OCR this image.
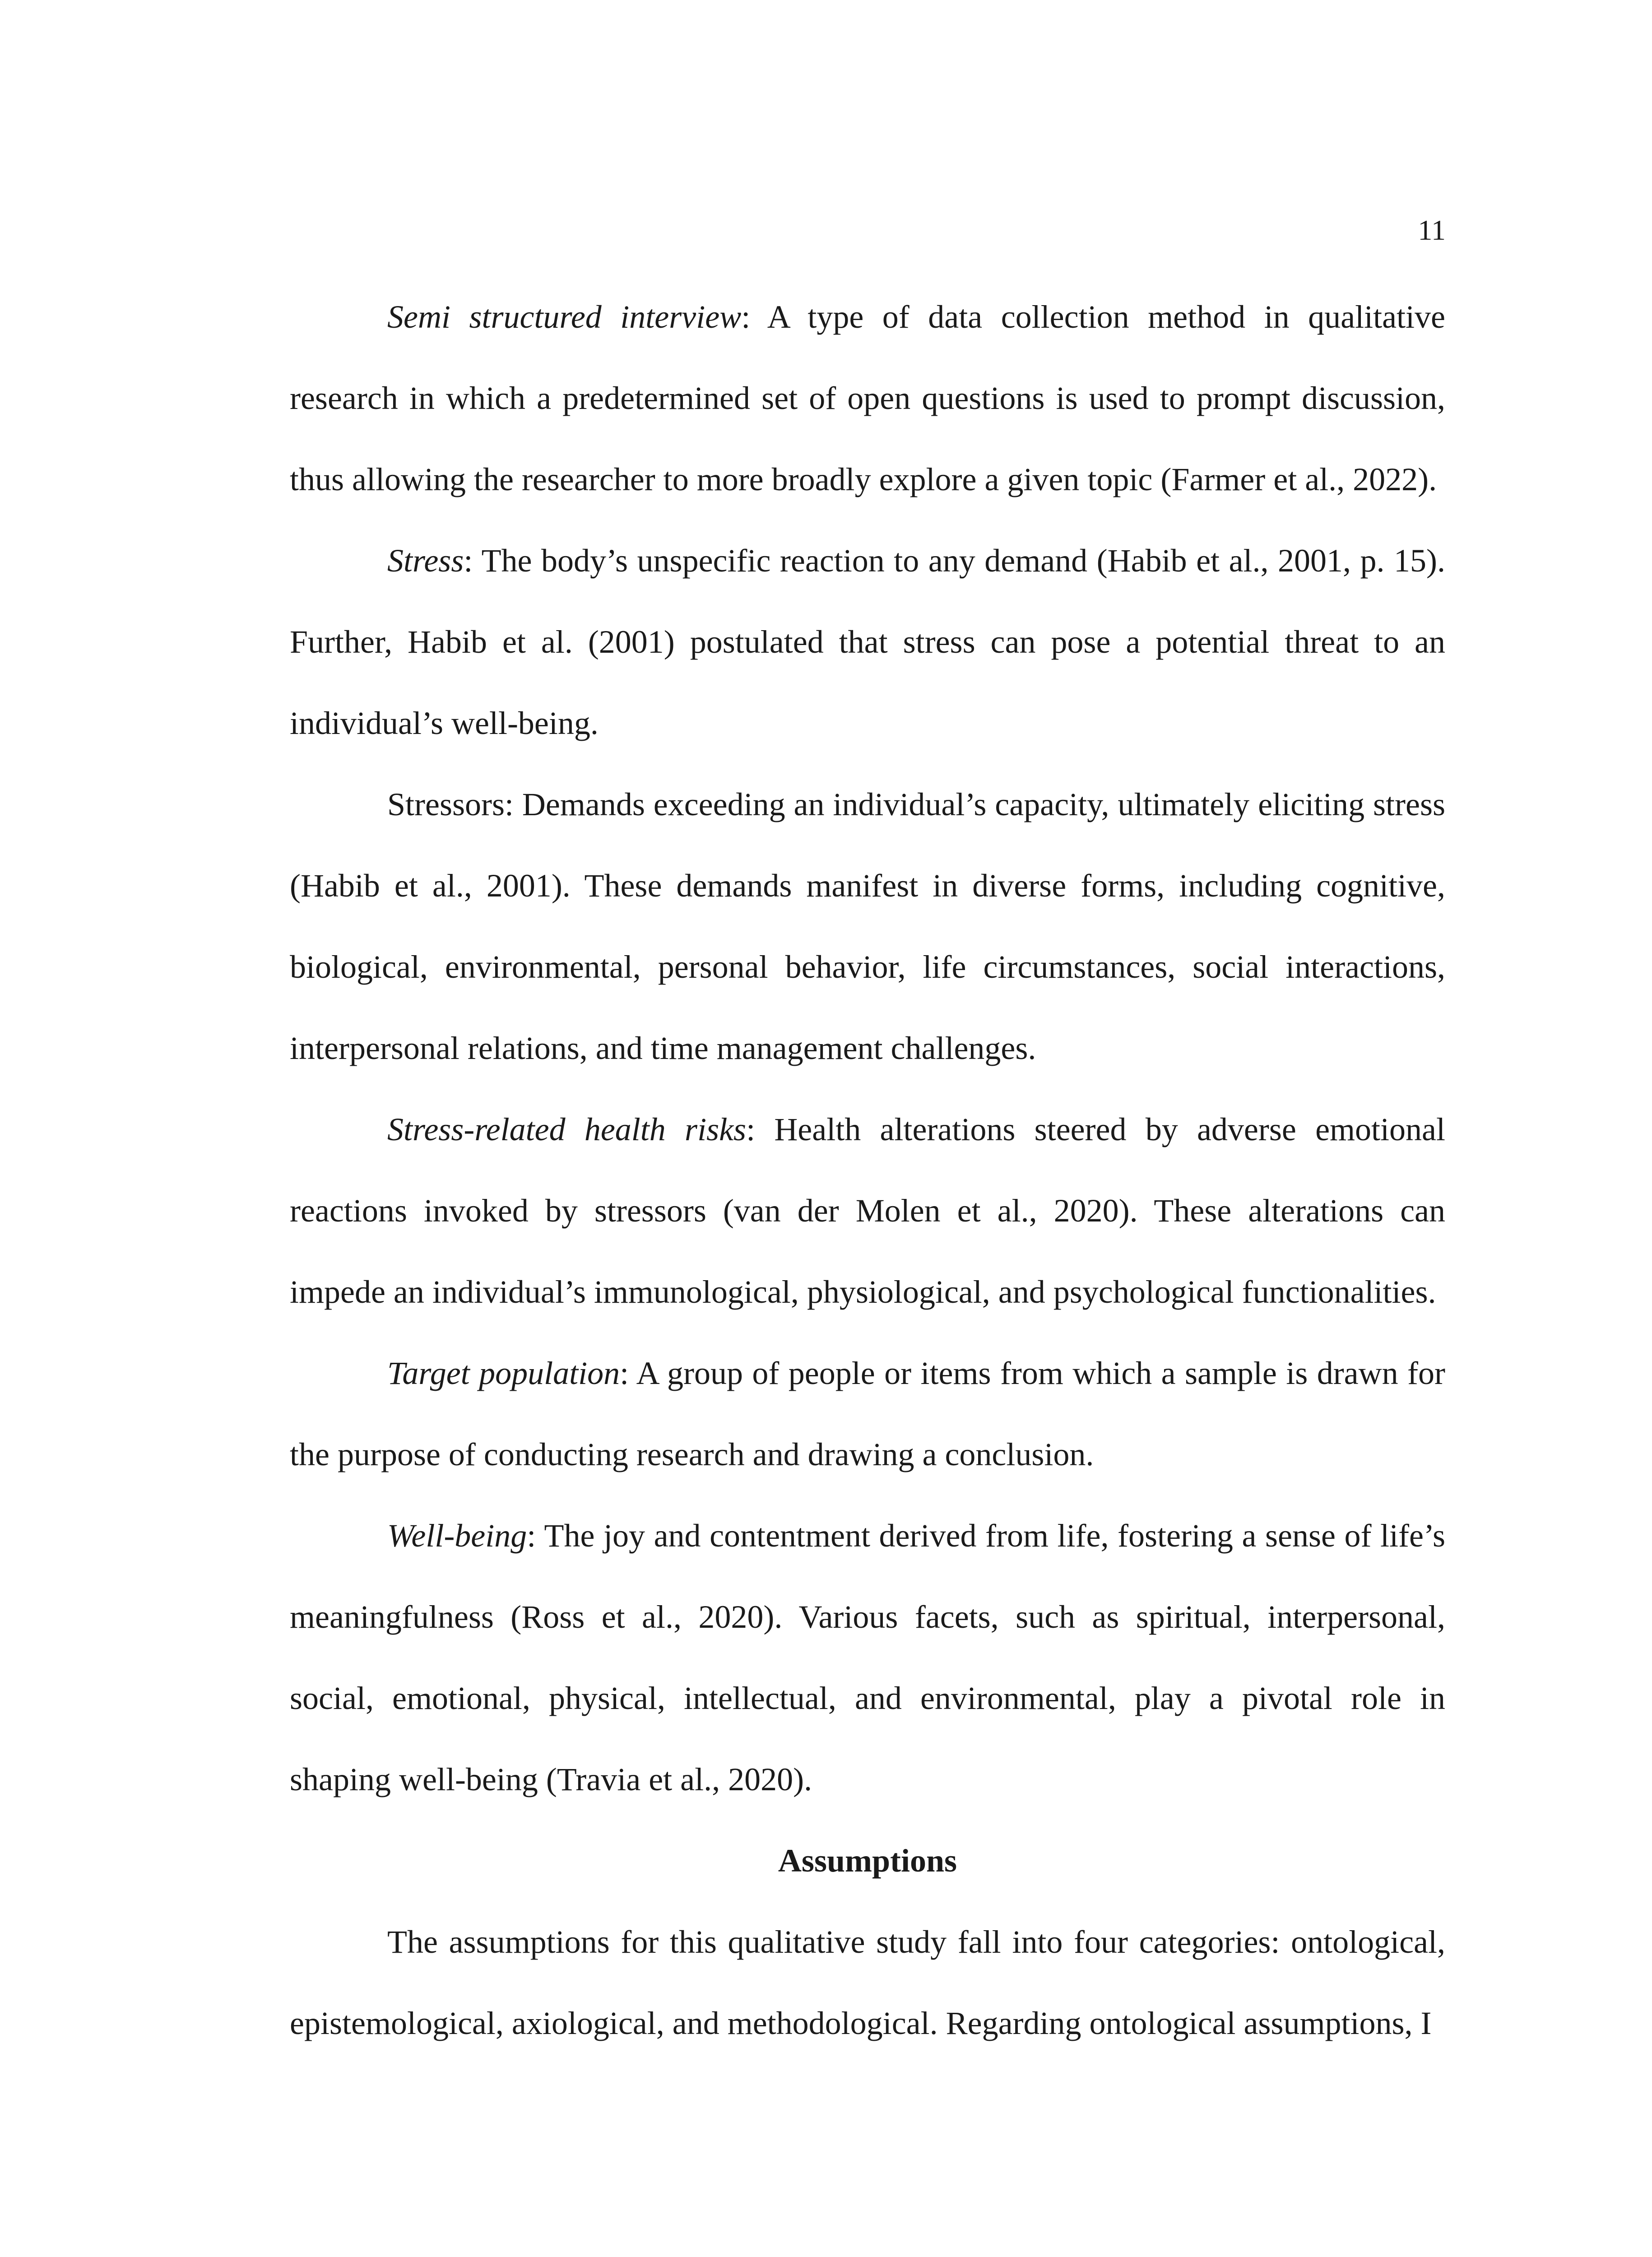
11

Semi structured interview: A type of data collection method in qualitative research in which a predetermined set of open questions is used to prompt discussion, thus allowing the researcher to more broadly explore a given topic (Farmer et al., 2022).

Stress: The body’s unspecific reaction to any demand (Habib et al., 2001, p. 15). Further, Habib et al. (2001) postulated that stress can pose a potential threat to an individual’s well-being.

Stressors: Demands exceeding an individual’s capacity, ultimately eliciting stress (Habib et al., 2001). These demands manifest in diverse forms, including cognitive, biological, environmental, personal behavior, life circumstances, social interactions, interpersonal relations, and time management challenges.

Stress-related health risks: Health alterations steered by adverse emotional reactions invoked by stressors (van der Molen et al., 2020). These alterations can impede an individual’s immunological, physiological, and psychological functionalities.

Target population: A group of people or items from which a sample is drawn for the purpose of conducting research and drawing a conclusion.

Well-being: The joy and contentment derived from life, fostering a sense of life’s meaningfulness (Ross et al., 2020). Various facets, such as spiritual, interpersonal, social, emotional, physical, intellectual, and environmental, play a pivotal role in shaping well-being (Travia et al., 2020).

Assumptions

The assumptions for this qualitative study fall into four categories: ontological, epistemological, axiological, and methodological. Regarding ontological assumptions, I
